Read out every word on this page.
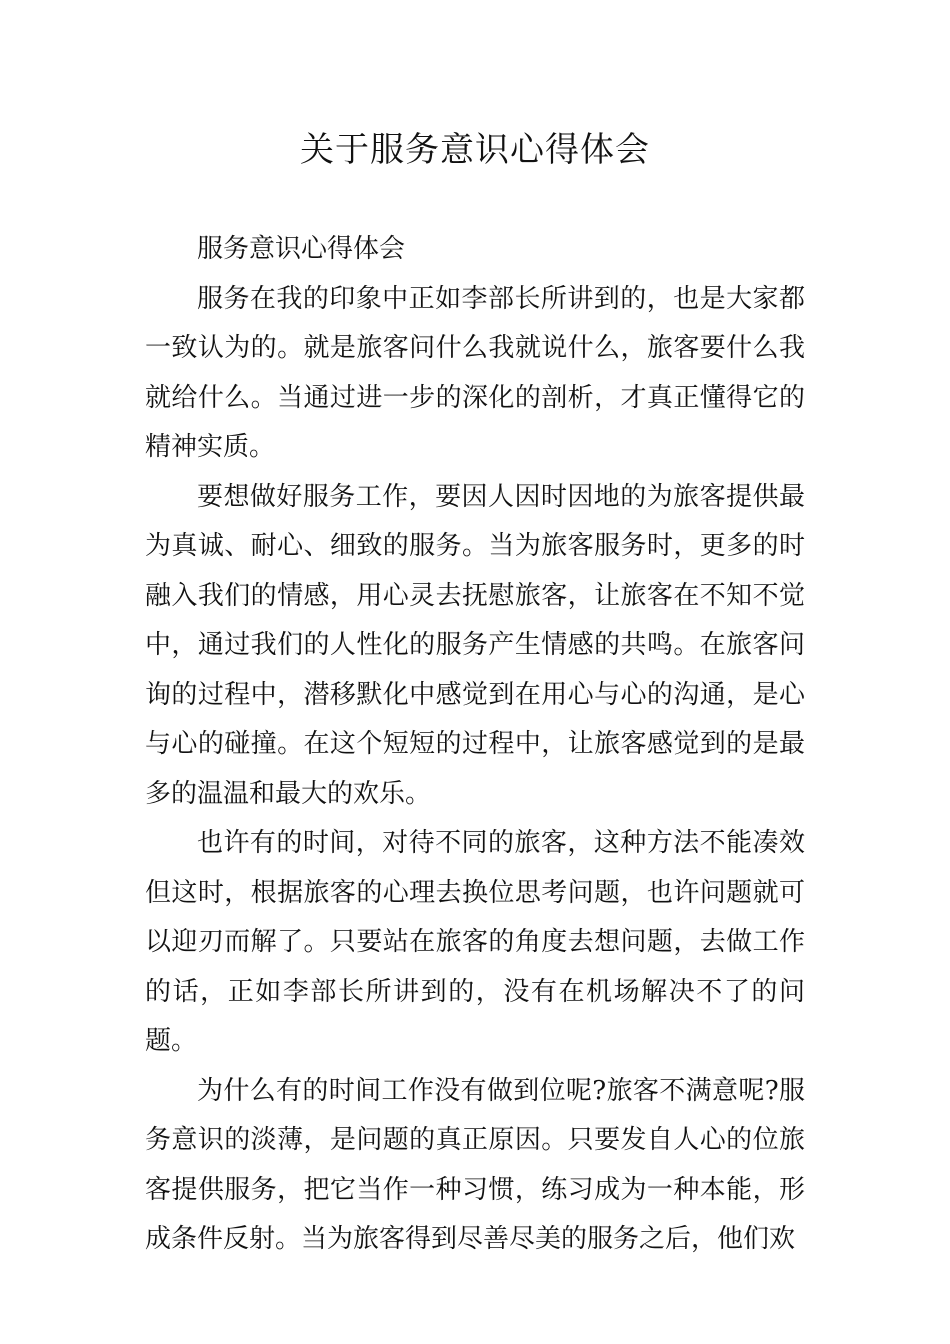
关于服务意识心得体会

服务意识心得体会

服务在我的印象中正如李部长所讲到的，也是大家都一致认为的。就是旅客问什么我就说什么，旅客要什么我就给什么。当通过进一步的深化的剖析，才真正懂得它的精神实质。

要想做好服务工作，要因人因时因地的为旅客提供最为真诚、耐心、细致的服务。当为旅客服务时，更多的时融入我们的情感，用心灵去抚慰旅客，让旅客在不知不觉中，通过我们的人性化的服务产生情感的共鸣。在旅客问询的过程中，潜移默化中感觉到在用心与心的沟通，是心与心的碰撞。在这个短短的过程中，让旅客感觉到的是最多的温温和最大的欢乐。

也许有的时间，对待不同的旅客，这种方法不能凑效但这时，根据旅客的心理去换位思考问题，也许问题就可以迎刃而解了。只要站在旅客的角度去想问题，去做工作的话，正如李部长所讲到的，没有在机场解决不了的问题。

为什么有的时间工作没有做到位呢?旅客不满意呢?服务意识的淡薄，是问题的真正原因。只要发自人心的位旅客提供服务，把它当作一种习惯，练习成为一种本能，形成条件反射。当为旅客得到尽善尽美的服务之后，他们欢
